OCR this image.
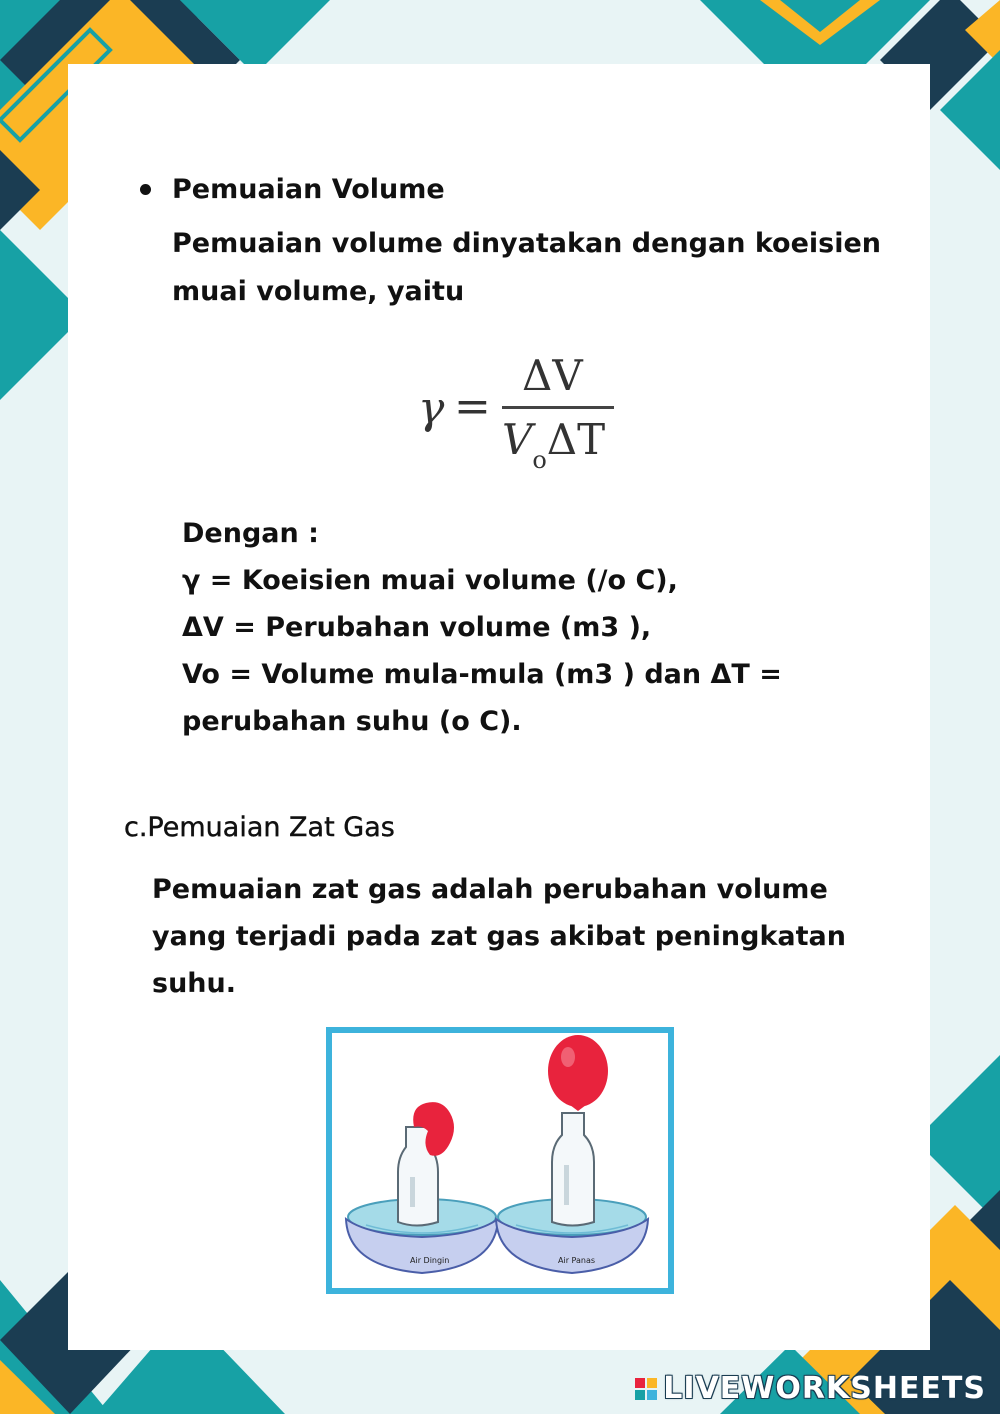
Pemuaian Volume
Pemuaian volume dinyatakan dengan koeisien
muai volume, yaitu
γ =
ΔV
$V_o\Delta T$
Dengan :
γ = Koeisien muai volume (/o C),
ΔV = Perubahan volume (m3 ),
Vo = Volume mula-mula (m3 ) dan ΔT =
perubahan suhu (o C).
c.Pemuaian Zat Gas
Pemuaian zat gas adalah perubahan volume
yang terjadi pada zat gas akibat peningkatan
suhu.
Air Dingin	Air Panas
LIVEWORKSHEETS
